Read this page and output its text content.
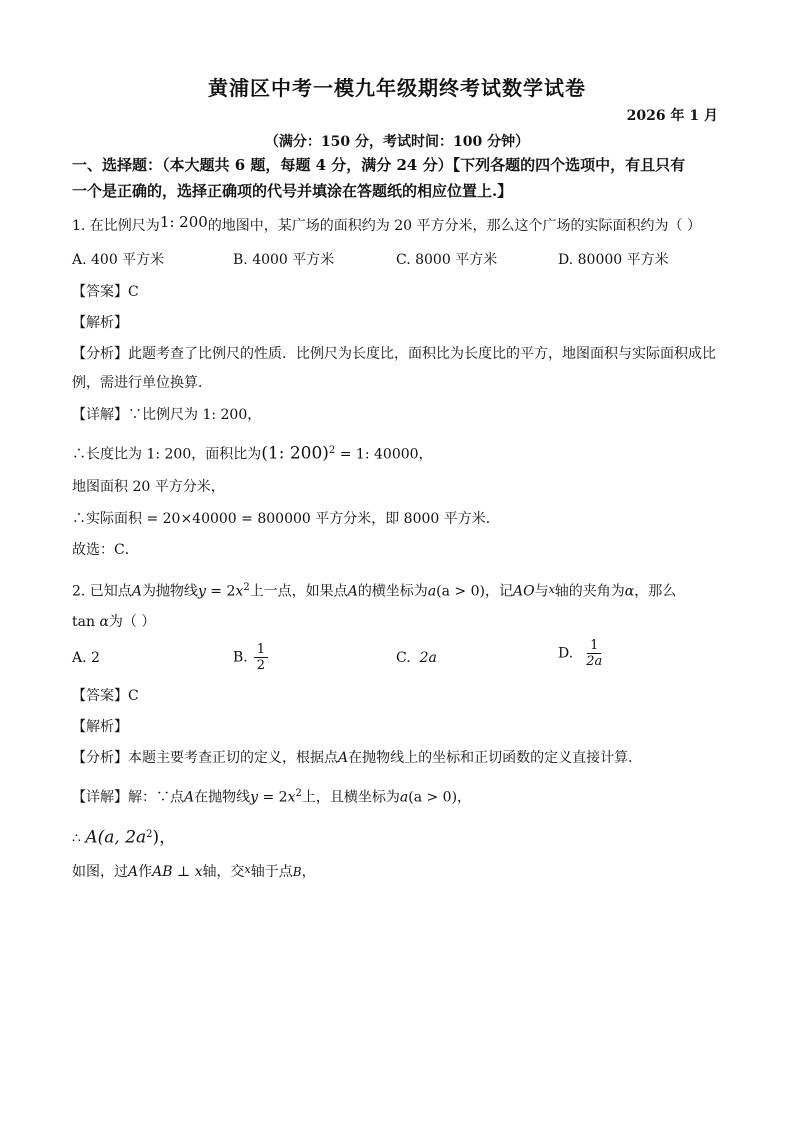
黄浦区中考一模九年级期终考试数学试卷
2026 年 1 月
（满分：150 分，考试时间：100 分钟）
一、选择题：（本大题共 6 题，每题 4 分，满分 24 分）【下列各题的四个选项中，有且只有
一个是正确的，选择正确项的代号并填涂在答题纸的相应位置上.】
1. 在比例尺为1: 200的地图中，某广场的面积约为 20 平方分米，那么这个广场的实际面积约为（ ）
A. 400 平方米	B. 4000 平方米	C. 8000 平方米	D. 80000 平方米
【答案】C
【解析】
【分析】此题考查了比例尺的性质．比例尺为长度比，面积比为长度比的平方，地图面积与实际面积成比
例，需进行单位换算．
【详解】∵比例尺为 1: 200，
∴长度比为 1: 200，面积比为(1: 200)$^2$ = 1: 40000，
地图面积 20 平方分米，
∴实际面积 = 20×40000 = 800000 平方分米，即 8000 平方米．
故选：C．
2. 已知点A为抛物线$y = 2x^2$上一点，如果点A的横坐标为a(a > 0)，记AO与$^x$轴的夹角为α，那么
tan α为（ ）
A. 2	B. $\frac{1}{2}$	C. 2a	D. $\frac{1}{2a}$
【答案】C
【解析】
【分析】本题主要考查正切的定义，根据点A在抛物线上的坐标和正切函数的定义直接计算．
【详解】解：∵点A在抛物线$y = 2x^2$上，且横坐标为a(a > 0)，
∴ A(a, $2a^2$)，
如图，过A作AB ⊥ x轴，交$^x$轴于点B，
